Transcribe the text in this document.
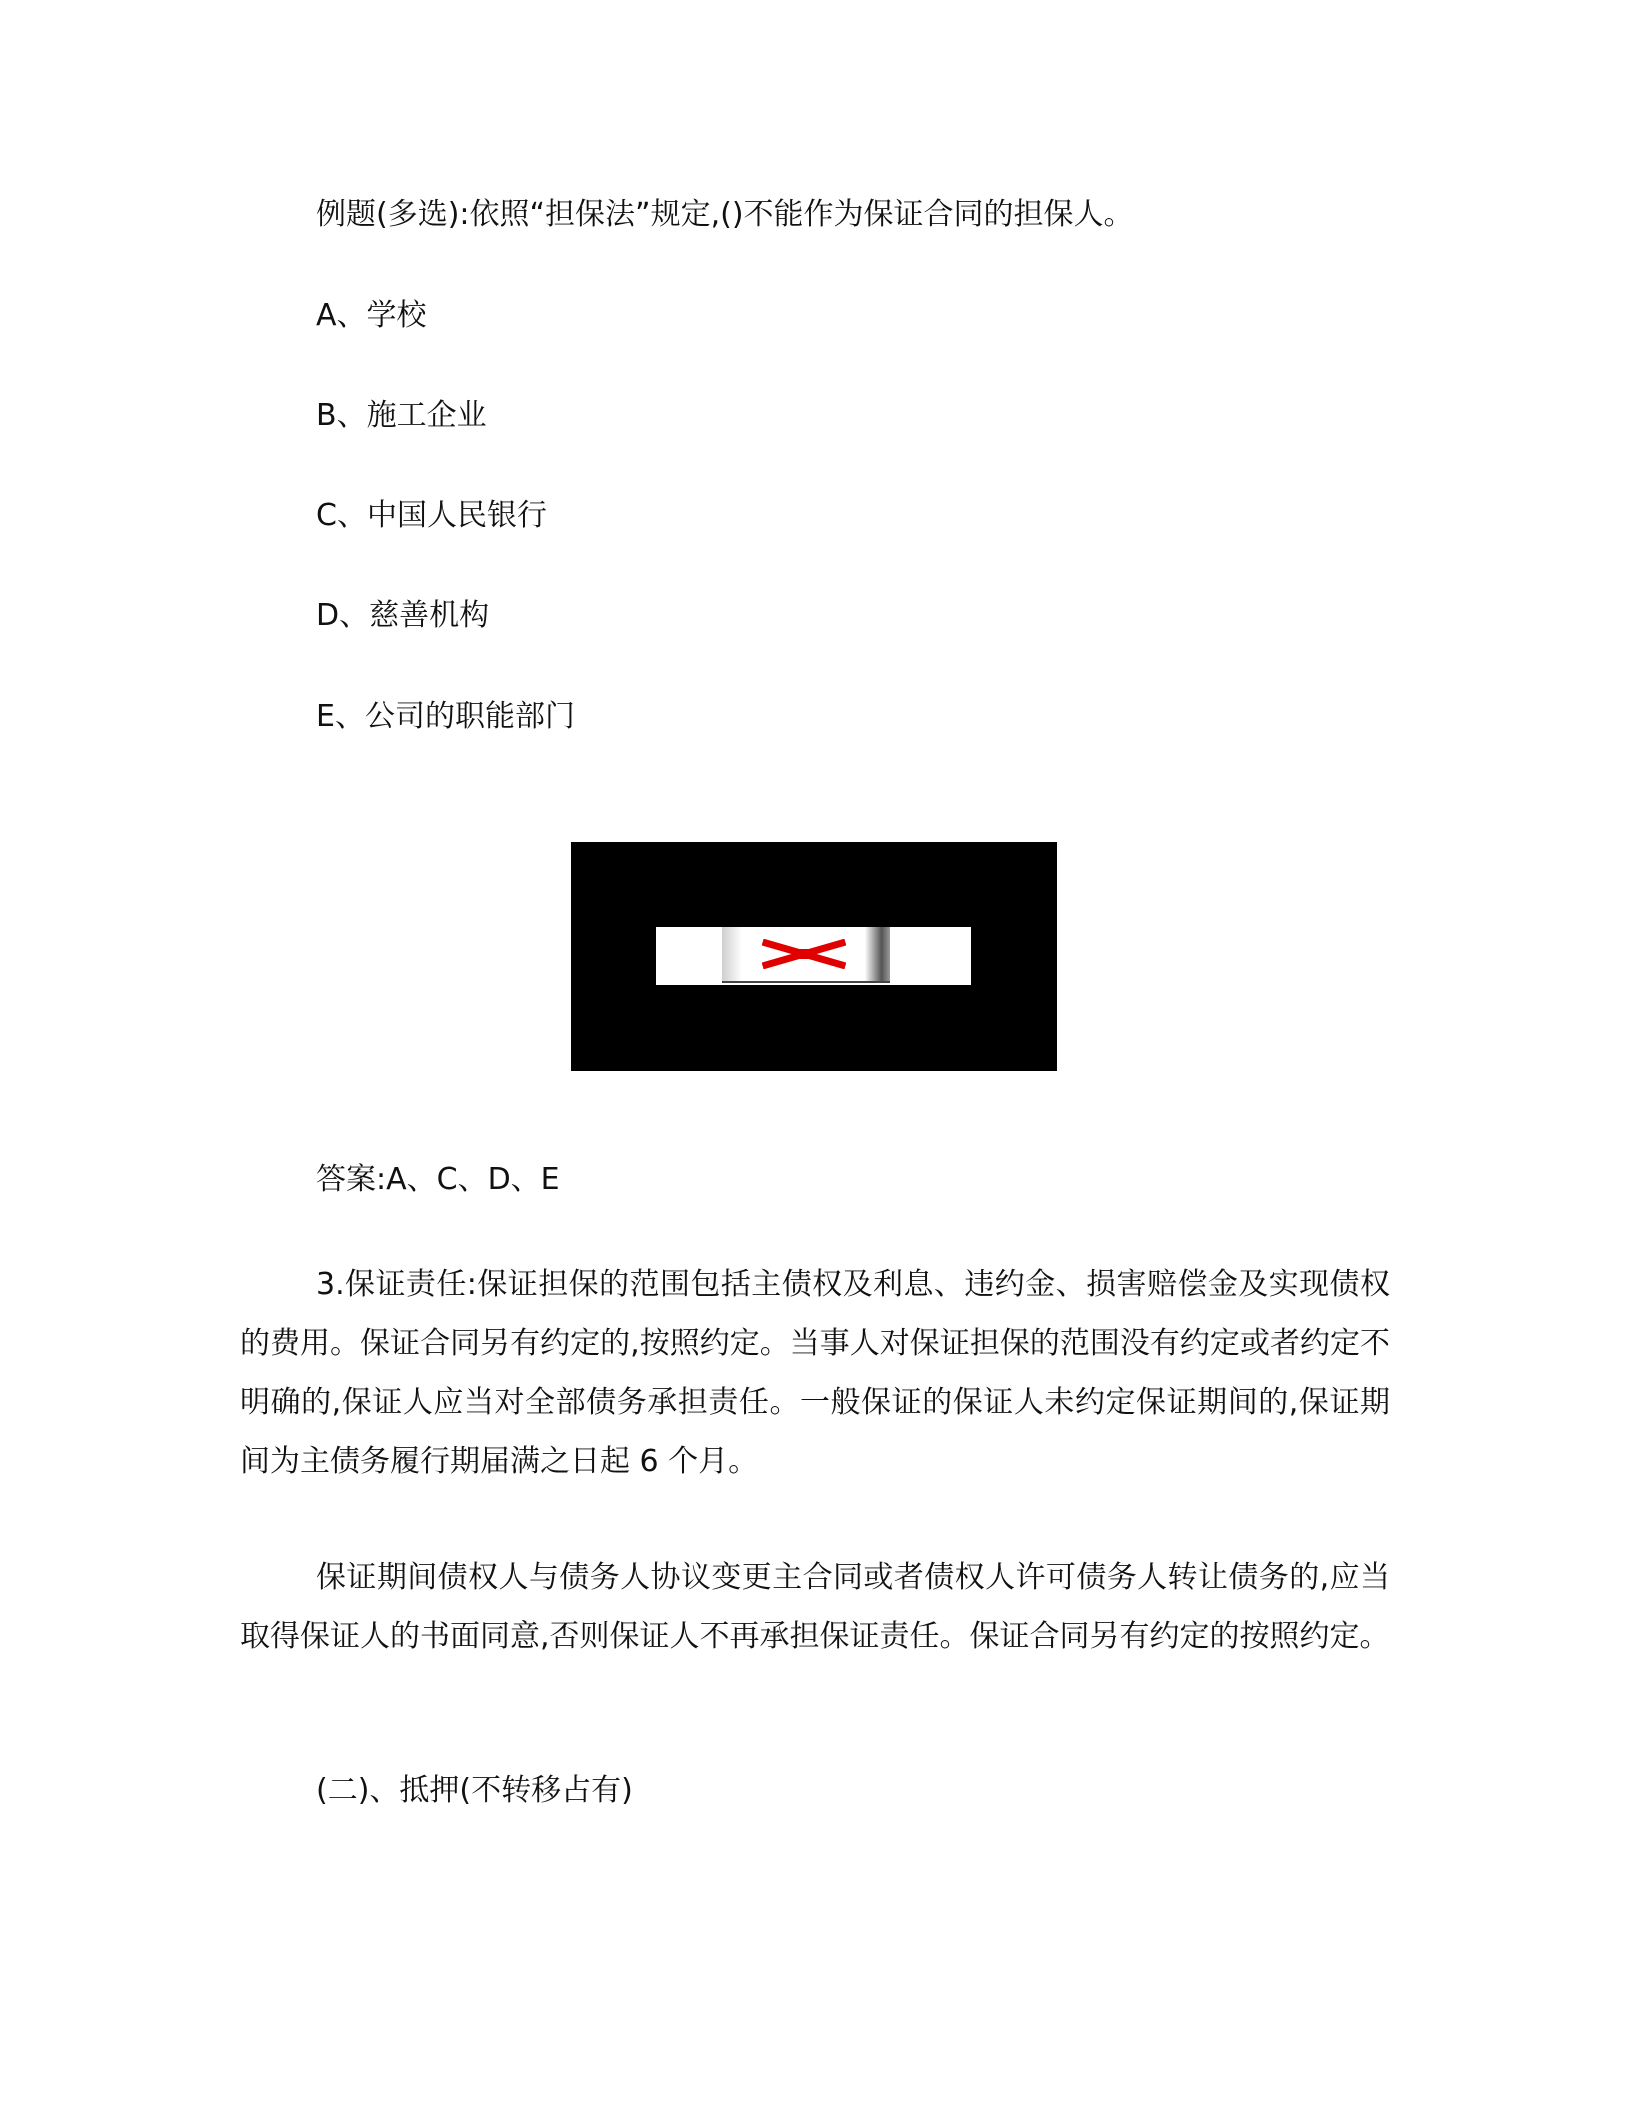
例题(多选):依照“担保法”规定,()不能作为保证合同的担保人。

A、学校

B、施工企业

C、中国人民银行

D、慈善机构

E、公司的职能部门

答案:A、C、D、E

3.保证责任:保证担保的范围包括主债权及利息、违约金、损害赔偿金及实现债权的费用。保证合同另有约定的,按照约定。当事人对保证担保的范围没有约定或者约定不明确的,保证人应当对全部债务承担责任。一般保证的保证人未约定保证期间的,保证期间为主债务履行期届满之日起 6 个月。

保证期间债权人与债务人协议变更主合同或者债权人许可债务人转让债务的,应当取得保证人的书面同意,否则保证人不再承担保证责任。保证合同另有约定的按照约定。

(二)、抵押(不转移占有)
